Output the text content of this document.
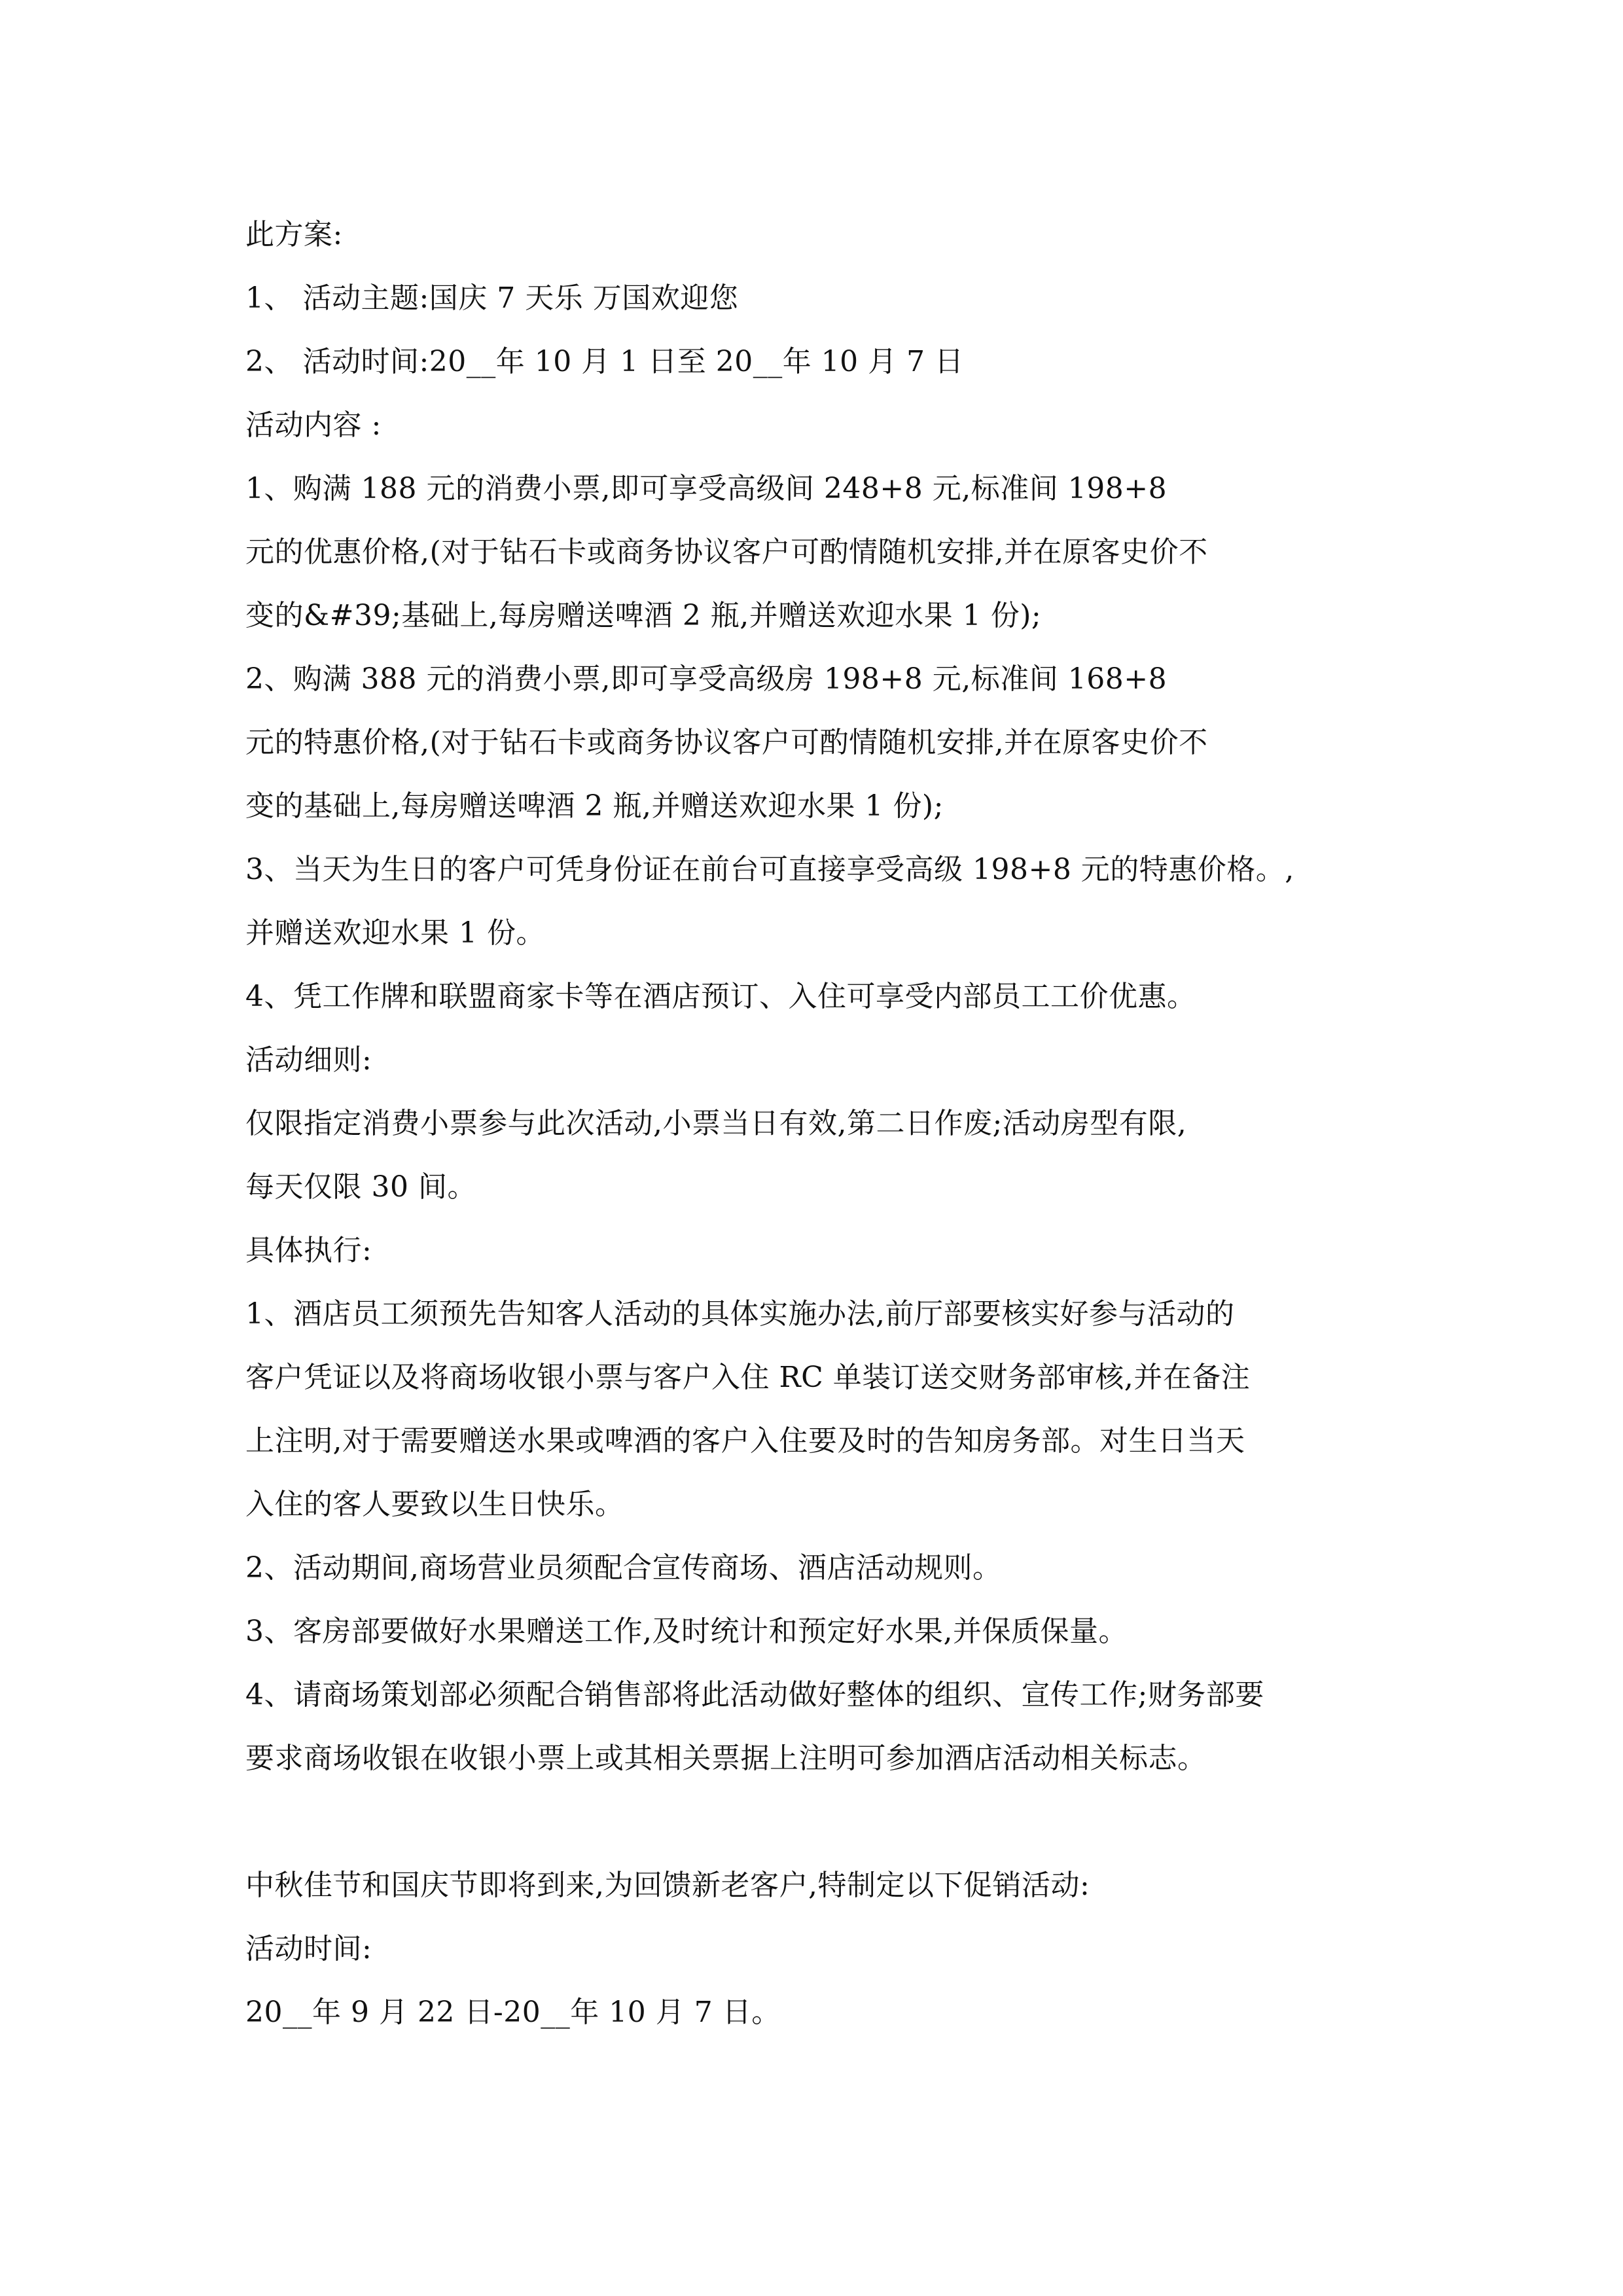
此方案:
1、 活动主题:国庆 7 天乐 万国欢迎您
2、 活动时间:20__年 10 月 1 日至 20__年 10 月 7 日
活动内容 :
1、购满 188 元的消费小票,即可享受高级间 248+8 元,标准间 198+8
元的优惠价格,(对于钻石卡或商务协议客户可酌情随机安排,并在原客史价不
变的&#39;基础上,每房赠送啤酒 2 瓶,并赠送欢迎水果 1 份);
2、购满 388 元的消费小票,即可享受高级房 198+8 元,标准间 168+8
元的特惠价格,(对于钻石卡或商务协议客户可酌情随机安排,并在原客史价不
变的基础上,每房赠送啤酒 2 瓶,并赠送欢迎水果 1 份);
3、当天为生日的客户可凭身份证在前台可直接享受高级 198+8 元的特惠价格。,
并赠送欢迎水果 1 份。
4、凭工作牌和联盟商家卡等在酒店预订、入住可享受内部员工工价优惠。
活动细则:
仅限指定消费小票参与此次活动,小票当日有效,第二日作废;活动房型有限,
每天仅限 30 间。
具体执行:
1、酒店员工须预先告知客人活动的具体实施办法,前厅部要核实好参与活动的
客户凭证以及将商场收银小票与客户入住 RC 单装订送交财务部审核,并在备注
上注明,对于需要赠送水果或啤酒的客户入住要及时的告知房务部。对生日当天
入住的客人要致以生日快乐。
2、活动期间,商场营业员须配合宣传商场、酒店活动规则。
3、客房部要做好水果赠送工作,及时统计和预定好水果,并保质保量。
4、请商场策划部必须配合销售部将此活动做好整体的组织、宣传工作;财务部要
要求商场收银在收银小票上或其相关票据上注明可参加酒店活动相关标志。
中秋佳节和国庆节即将到来,为回馈新老客户,特制定以下促销活动:
活动时间:
20__年 9 月 22 日-20__年 10 月 7 日。
